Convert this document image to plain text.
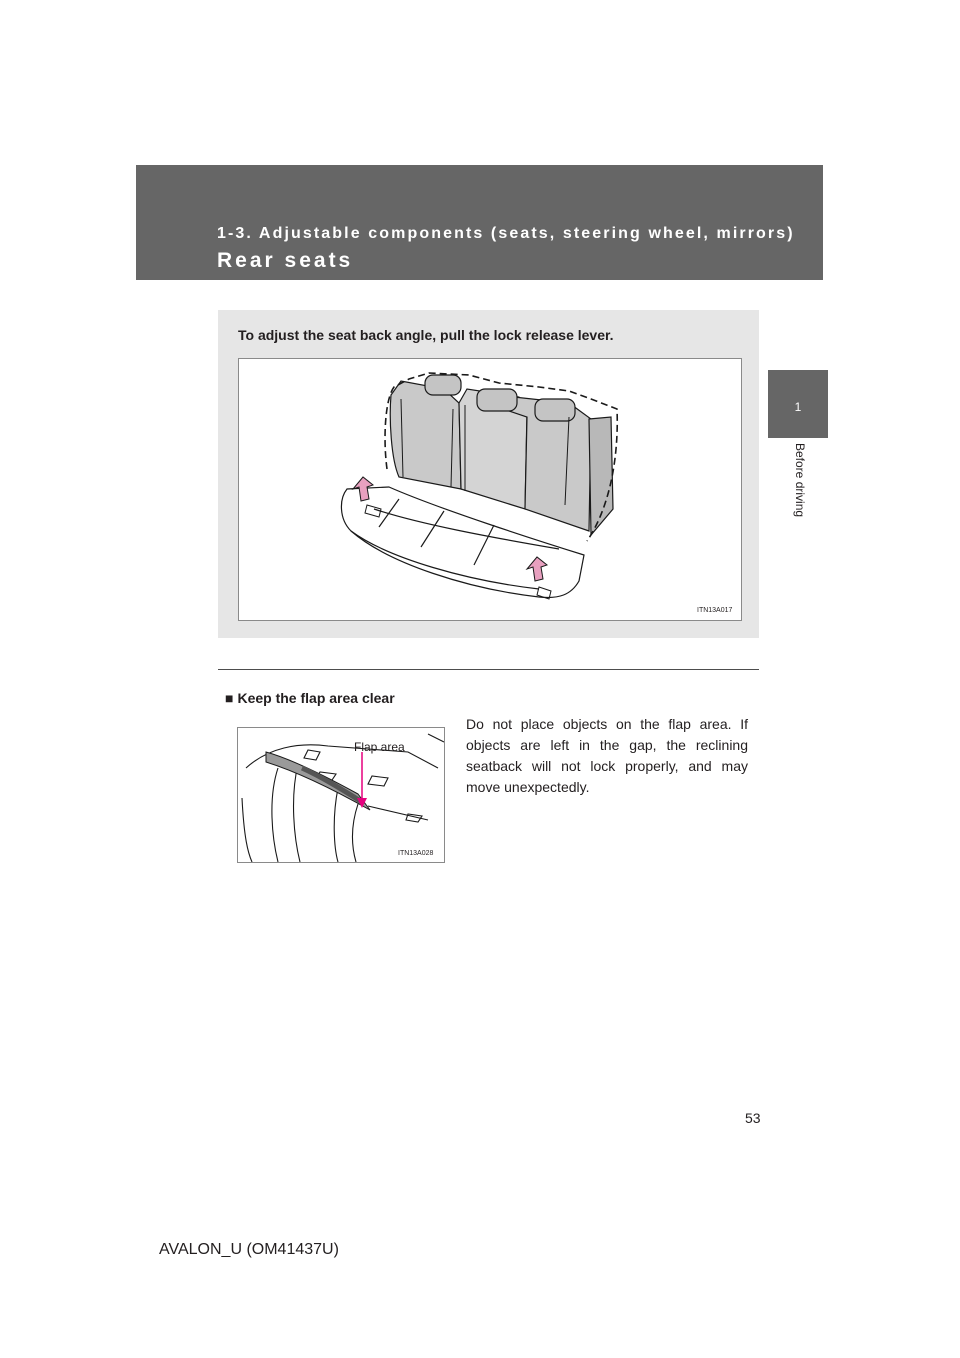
1-3. Adjustable components (seats, steering wheel, mirrors)
Rear seats
1
Before driving
To adjust the seat back angle, pull the lock release lever.
ITN13A017
■ Keep the flap area clear
Flap area
ITN13A028
Do not place objects on the flap area. If objects are left in the gap, the reclining seatback will not lock properly, and may move unexpectedly.
53
AVALON_U (OM41437U)
